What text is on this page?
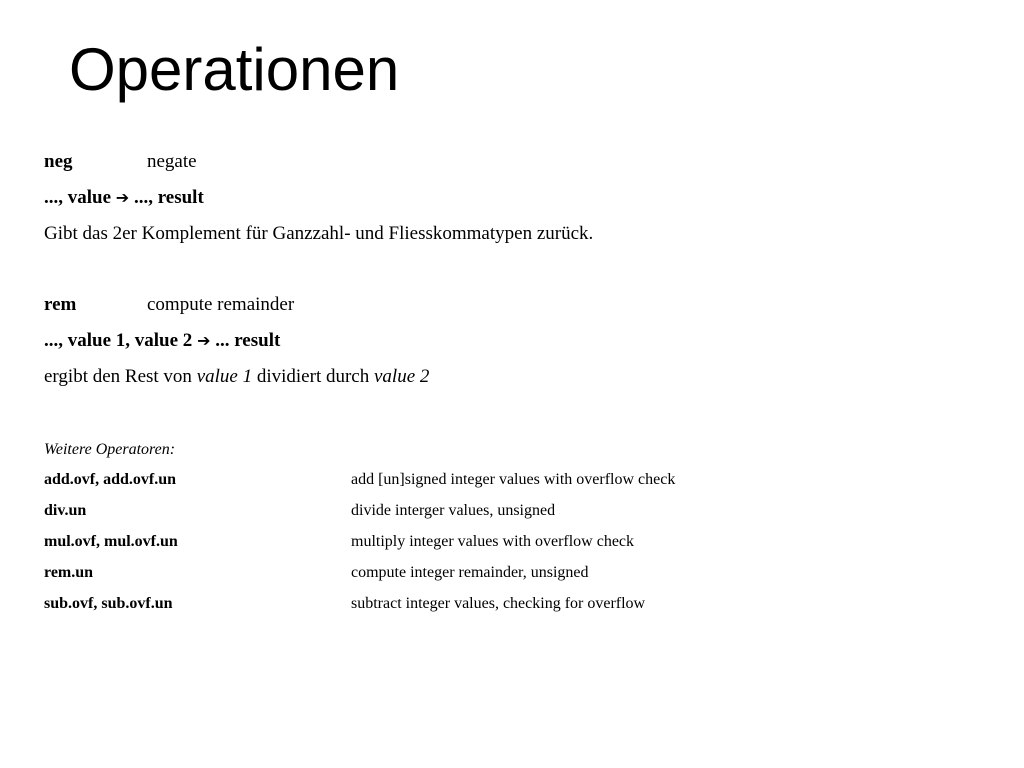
Operationen
neg	negate
..., value ➔ ..., result
Gibt das 2er Komplement für Ganzzahl- und Fliesskommatypen zurück.
rem	compute remainder
..., value 1, value 2 ➔ ... result
ergibt den Rest von value 1 dividiert durch value 2
Weitere Operatoren:
add.ovf, add.ovf.un	add [un]signed integer values with overflow check
div.un	divide interger values, unsigned
mul.ovf, mul.ovf.un	multiply integer values with overflow check
rem.un	compute integer remainder, unsigned
sub.ovf, sub.ovf.un	subtract integer values, checking for overflow
